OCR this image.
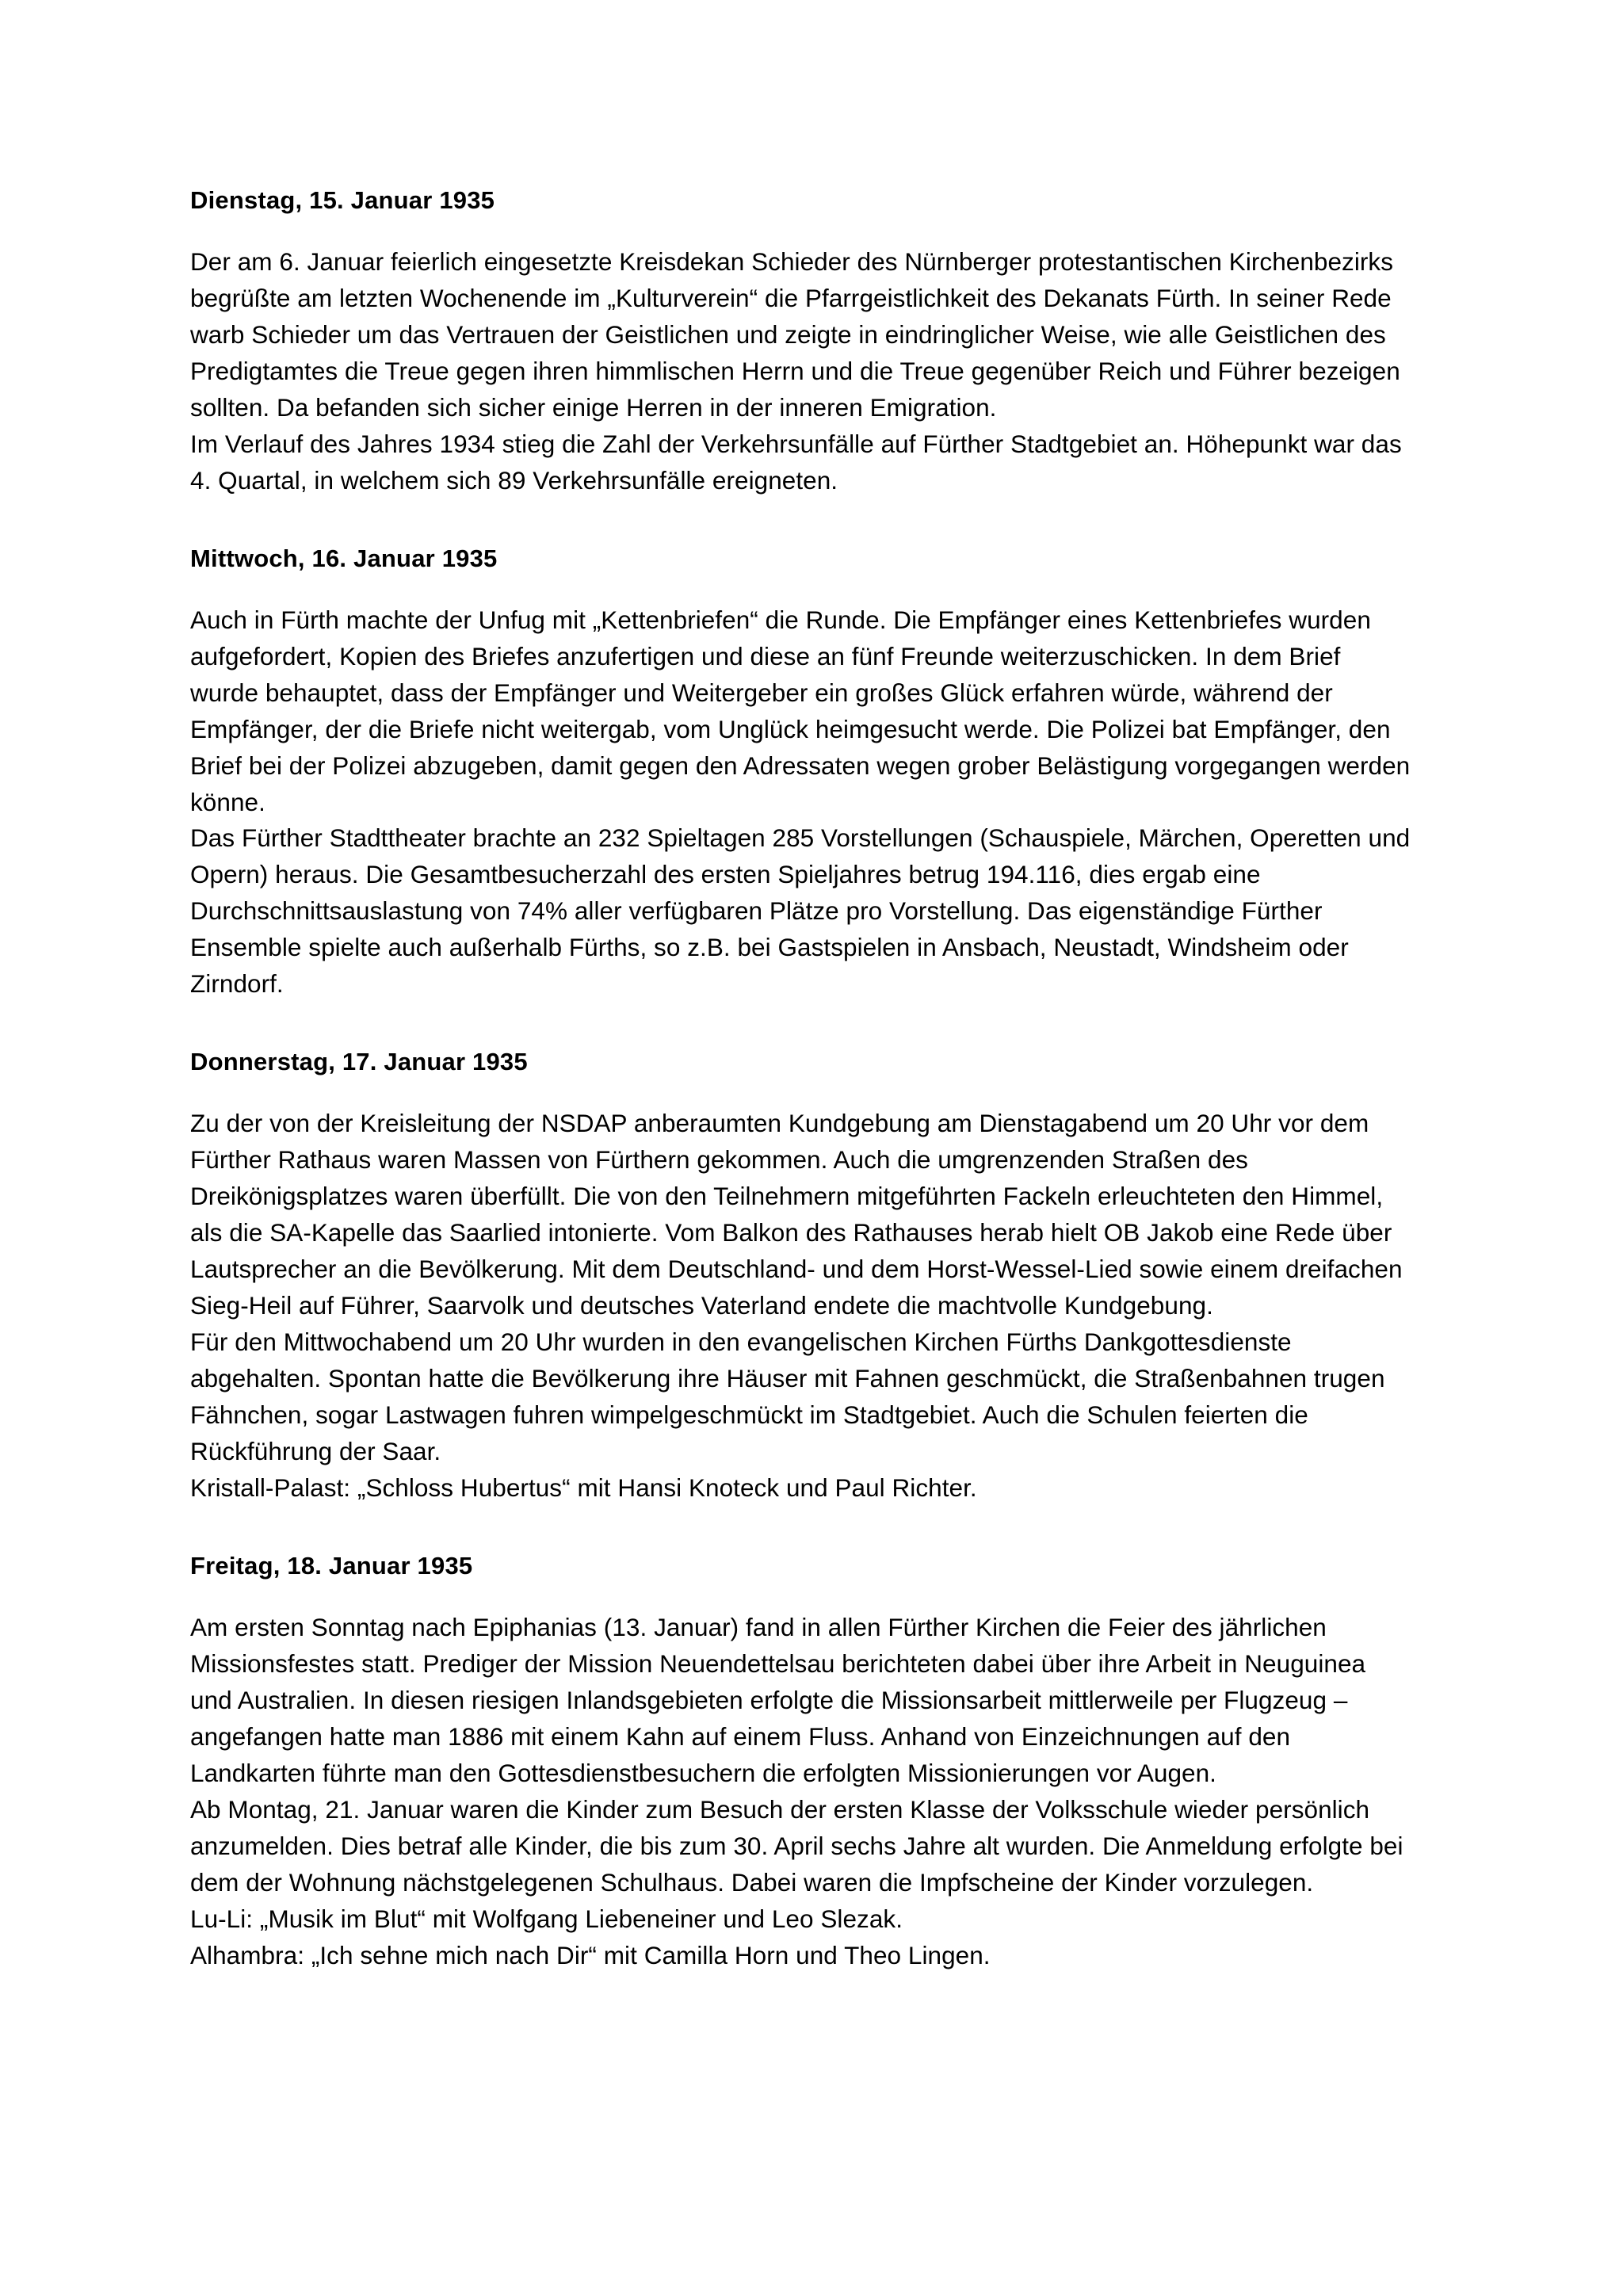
Dienstag, 15. Januar 1935

Der am 6. Januar feierlich eingesetzte Kreisdekan Schieder des Nürnberger protestantischen Kirchenbezirks begrüßte am letzten Wochenende im „Kulturverein“ die Pfarrgeistlichkeit des Dekanats Fürth. In seiner Rede warb Schieder um das Vertrauen der Geistlichen und zeigte in eindringlicher Weise, wie alle Geistlichen des Predigtamtes die Treue gegen ihren himmlischen Herrn und die Treue gegenüber Reich und Führer bezeigen sollten. Da befanden sich sicher einige Herren in der inneren Emigration.

Im Verlauf des Jahres 1934 stieg die Zahl der Verkehrsunfälle auf Fürther Stadtgebiet an. Höhepunkt war das 4. Quartal, in welchem sich 89 Verkehrsunfälle ereigneten.

Mittwoch, 16. Januar 1935

Auch in Fürth machte der Unfug mit „Kettenbriefen“ die Runde. Die Empfänger eines Kettenbriefes wurden aufgefordert, Kopien des Briefes anzufertigen und diese an fünf Freunde weiterzuschicken. In dem Brief wurde behauptet, dass der Empfänger und Weitergeber ein großes Glück erfahren würde, während der Empfänger, der die Briefe nicht weitergab, vom Unglück heimgesucht werde. Die Polizei bat Empfänger, den Brief bei der Polizei abzugeben, damit gegen den Adressaten wegen grober Belästigung vorgegangen werden könne.

Das Fürther Stadttheater brachte an 232 Spieltagen 285 Vorstellungen (Schauspiele, Märchen, Operetten und Opern) heraus. Die Gesamtbesucherzahl des ersten Spieljahres betrug 194.116, dies ergab eine Durchschnittsauslastung von 74% aller verfügbaren Plätze pro Vorstellung. Das eigenständige Fürther Ensemble spielte auch außerhalb Fürths, so z.B. bei Gastspielen in Ansbach, Neustadt, Windsheim oder Zirndorf.

Donnerstag, 17. Januar 1935

Zu der von der Kreisleitung der NSDAP anberaumten Kundgebung am Dienstagabend um 20 Uhr vor dem Fürther Rathaus waren Massen von Fürthern gekommen. Auch die umgrenzenden Straßen des Dreikönigsplatzes waren überfüllt. Die von den Teilnehmern mitgeführten Fackeln erleuchteten den Himmel, als die SA-Kapelle das Saarlied intonierte. Vom Balkon des Rathauses herab hielt OB Jakob eine Rede über Lautsprecher an die Bevölkerung. Mit dem Deutschland- und dem Horst-Wessel-Lied sowie einem dreifachen Sieg-Heil auf Führer, Saarvolk und deutsches Vaterland endete die machtvolle Kundgebung.

Für den Mittwochabend um 20 Uhr wurden in den evangelischen Kirchen Fürths Dankgottesdienste abgehalten. Spontan hatte die Bevölkerung ihre Häuser mit Fahnen geschmückt, die Straßenbahnen trugen Fähnchen, sogar Lastwagen fuhren wimpelgeschmückt im Stadtgebiet. Auch die Schulen feierten die Rückführung der Saar.

Kristall-Palast: „Schloss Hubertus“ mit Hansi Knoteck und Paul Richter.

Freitag, 18. Januar 1935

Am ersten Sonntag nach Epiphanias (13. Januar) fand in allen Fürther Kirchen die Feier des jährlichen Missionsfestes statt. Prediger der Mission Neuendettelsau berichteten dabei über ihre Arbeit in Neuguinea und Australien. In diesen riesigen Inlandsgebieten erfolgte die Missionsarbeit mittlerweile per Flugzeug – angefangen hatte man 1886 mit einem Kahn auf einem Fluss. Anhand von Einzeichnungen auf den Landkarten führte man den Gottesdienstbesuchern die erfolgten Missionierungen vor Augen.

Ab Montag, 21. Januar waren die Kinder zum Besuch der ersten Klasse der Volksschule wieder persönlich anzumelden. Dies betraf alle Kinder, die bis zum 30. April sechs Jahre alt wurden. Die Anmeldung erfolgte bei dem der Wohnung nächstgelegenen Schulhaus. Dabei waren die Impfscheine der Kinder vorzulegen.

Lu-Li: „Musik im Blut“ mit Wolfgang Liebeneiner und Leo Slezak.

Alhambra: „Ich sehne mich nach Dir“ mit Camilla Horn und Theo Lingen.
